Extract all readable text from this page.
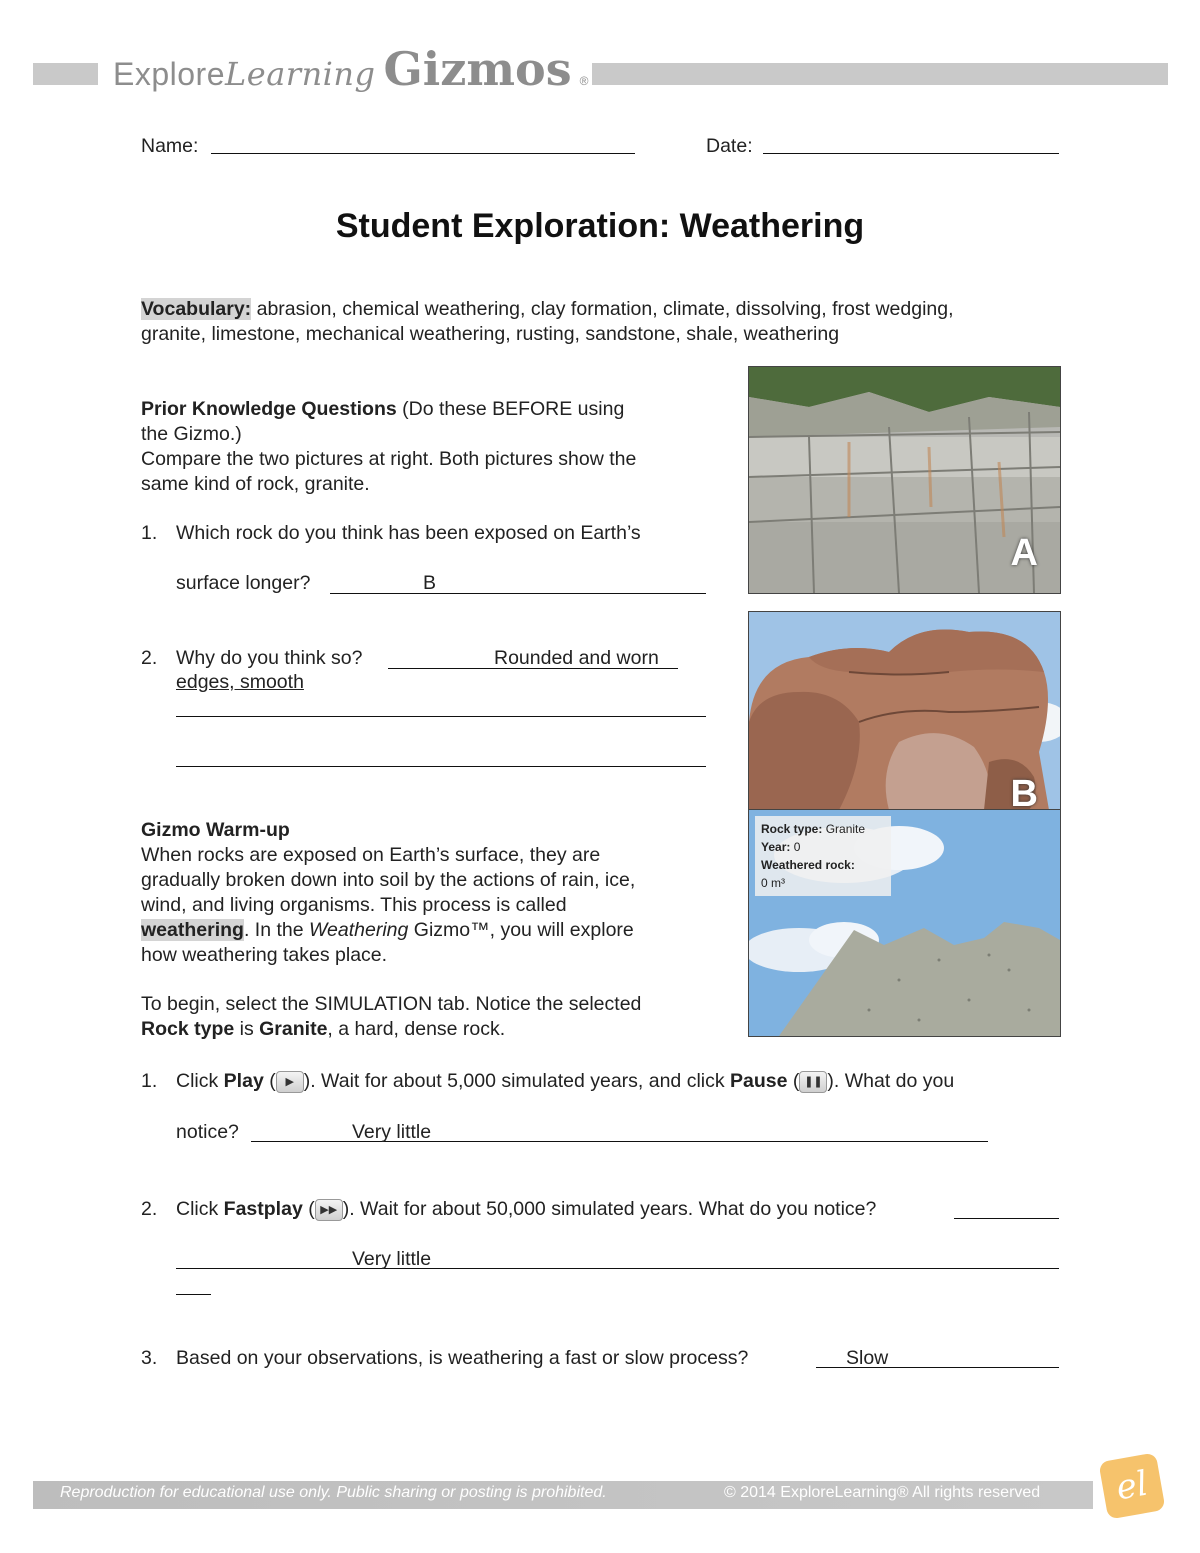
ExploreLearning Gizmos ®
Name:	Date:
Student Exploration: Weathering
Vocabulary: abrasion, chemical weathering, clay formation, climate, dissolving, frost wedging,
granite, limestone, mechanical weathering, rusting, sandstone, shale, weathering
Prior Knowledge Questions (Do these BEFORE using
the Gizmo.)
Compare the two pictures at right. Both pictures show the
same kind of rock, granite.
1. Which rock do you think has been exposed on Earth’s
surface longer?	B
2. Why do you think so?	Rounded and worn
edges, smooth
A
B
Rock type: Granite
Year: 0
Weathered rock:
0 m³
Gizmo Warm-up
When rocks are exposed on Earth’s surface, they are
gradually broken down into soil by the actions of rain, ice,
wind, and living organisms. This process is called
weathering. In the Weathering Gizmo™, you will explore
how weathering takes place.
To begin, select the SIMULATION tab. Notice the selected
Rock type is Granite, a hard, dense rock.
1. Click Play ( ▶ ). Wait for about 5,000 simulated years, and click Pause ( ❚❚ ). What do you
notice?	Very little
2. Click Fastplay ( ▶▶ ). Wait for about 50,000 simulated years. What do you notice?
Very little
3. Based on your observations, is weathering a fast or slow process?	Slow
Reproduction for educational use only. Public sharing or posting is prohibited.	© 2014 ExploreLearning® All rights reserved	el
